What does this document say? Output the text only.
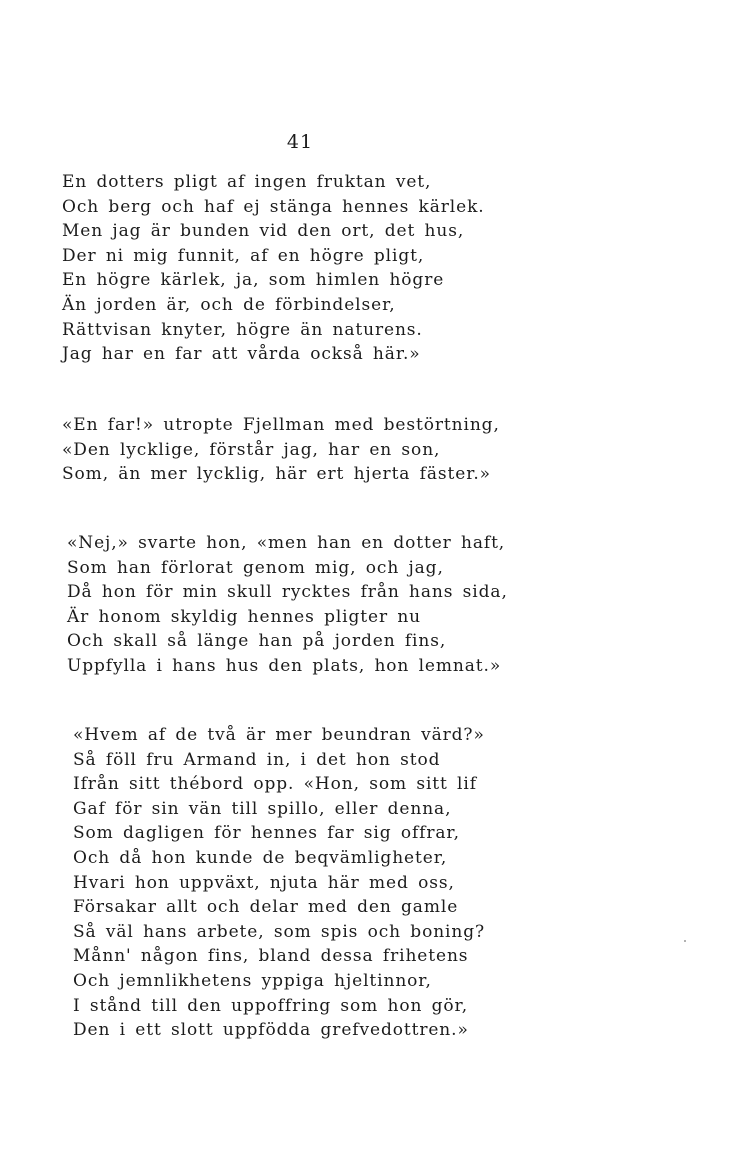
41
En dotters pligt af ingen fruktan vet,
Och berg och haf ej stänga hennes kärlek.
Men jag är bunden vid den ort, det hus,
Der ni mig funnit, af en högre pligt,
En högre kärlek, ja, som himlen högre
Än jorden är, och de förbindelser,
Rättvisan knyter, högre än naturens.
Jag har en far att vårda också här.»
«En far!» utropte Fjellman med bestörtning,
«Den lycklige, förstår jag, har en son,
Som, än mer lycklig, här ert hjerta fäster.»
«Nej,» svarte hon, «men han en dotter haft,
Som han förlorat genom mig, och jag,
Då hon för min skull rycktes från hans sida,
Är honom skyldig hennes pligter nu
Och skall så länge han på jorden fins,
Uppfylla i hans hus den plats, hon lemnat.»
«Hvem af de två är mer beundran värd?»
Så föll fru Armand in, i det hon stod
Ifrån sitt thébord opp. «Hon, som sitt lif
Gaf för sin vän till spillo, eller denna,
Som dagligen för hennes far sig offrar,
Och då hon kunde de beqvämligheter,
Hvari hon uppväxt, njuta här med oss,
Försakar allt och delar med den gamle
Så väl hans arbete, som spis och boning?
Månn' någon fins, bland dessa frihetens
Och jemnlikhetens yppiga hjeltinnor,
I stånd till den uppoffring som hon gör,
Den i ett slott uppfödda grefvedottren.»
